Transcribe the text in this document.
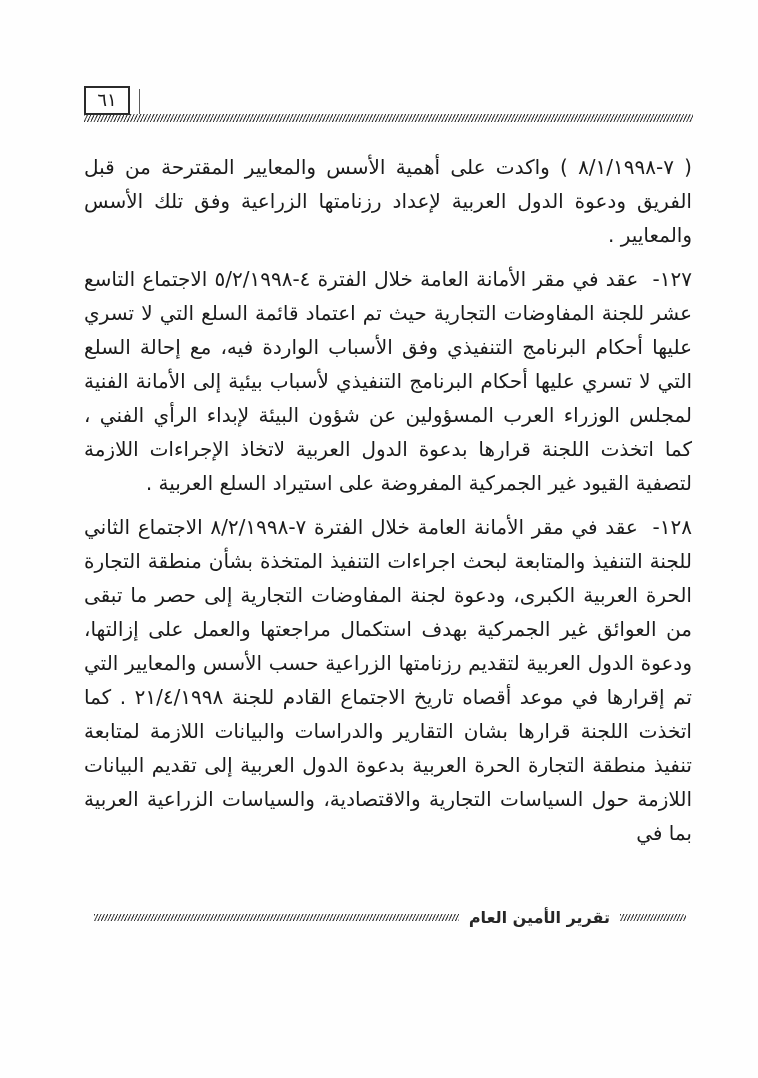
٦١

( ٧-٨/١/١٩٩٨ ) واكدت على أهمية الأسس والمعايير المقترحة من قبل الفريق ودعوة الدول العربية لإعداد رزنامتها الزراعية وفق تلك الأسس والمعايير .

١٢٧- عقد في مقر الأمانة العامة خلال الفترة ٤-٥/٢/١٩٩٨ الاجتماع التاسع عشر للجنة المفاوضات التجارية حيث تم اعتماد قائمة السلع التي لا تسري عليها أحكام البرنامج التنفيذي وفق الأسباب الواردة فيه، مع إحالة السلع التي لا تسري عليها أحكام البرنامج التنفيذي لأسباب بيئية إلى الأمانة الفنية لمجلس الوزراء العرب المسؤولين عن شؤون البيئة لإبداء الرأي الفني ، كما اتخذت اللجنة قرارها بدعوة الدول العربية لاتخاذ الإجراءات اللازمة لتصفية القيود غير الجمركية المفروضة على استيراد السلع العربية .

١٢٨- عقد في مقر الأمانة العامة خلال الفترة ٧-٨/٢/١٩٩٨ الاجتماع الثاني للجنة التنفيذ والمتابعة لبحث اجراءات التنفيذ المتخذة بشأن منطقة التجارة الحرة العربية الكبرى، ودعوة لجنة المفاوضات التجارية إلى حصر ما تبقى من العوائق غير الجمركية بهدف استكمال مراجعتها والعمل على إزالتها، ودعوة الدول العربية لتقديم رزنامتها الزراعية حسب الأسس والمعايير التي تم إقرارها في موعد أقصاه تاريخ الاجتماع القادم للجنة ٢١/٤/١٩٩٨ . كما اتخذت اللجنة قرارها بشان التقارير والدراسات والبيانات اللازمة لمتابعة تنفيذ منطقة التجارة الحرة العربية بدعوة الدول العربية إلى تقديم البيانات اللازمة حول السياسات التجارية والاقتصادية، والسياسات الزراعية العربية بما في

تقرير الأمين العام
